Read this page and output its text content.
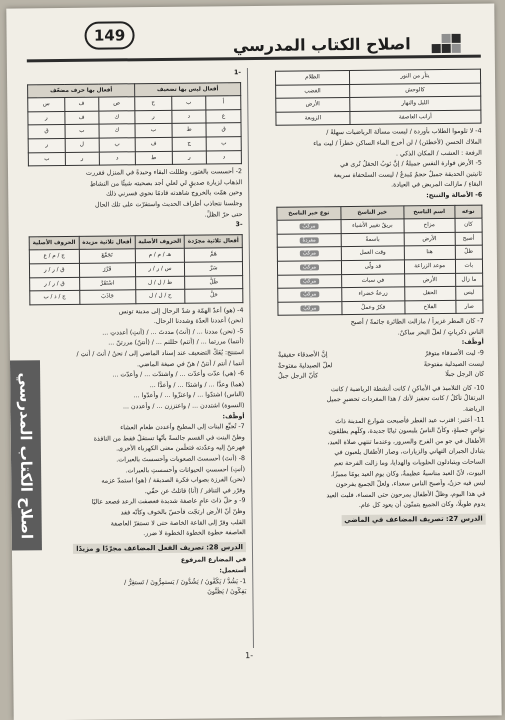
اصلاح الكتاب المدرسي
149
يثأر من النور	الظلام
كالوحش	الغضب
الليل والنهار	الأرض
أرانب العاصفة	الزوبعة
4- لا تلوموا الطلاب بأوردة / ليست مسألة الرياضيات سهلةً /
الملاك الحسن (لأخطئن) / لن أخرج الماء الساكن خطراً / ليت ماء
الرفعة : العشب / المكان الذكي .
5- الأرض فوارة النفس جميلةٌ / إنَّ ثوبُ الحقلُ تُرى في
ثانيتين الحديقة جميلٌ حجمٌ مُبدعٌ / ليست السلحفاة سريعة
البقاءِ / مازالت المريض في العيادة.
6- الأصالة والتنتج:
نوعه	اسم الناسخ	خبر الناسخ	نوع خبر الناسخ
كان	مزاح	بريقٌ تغيير الأشياء	مركبٌ
أصبح	الأرض	باسمةٌ	مفردةٌ
ظلّ	هنا	وقت العمل	مركبٌ
بات	موعد الزراعة	قد ولّى	مركبٌ
ما زال	الأرض	في سبات	مركبٌ
ليس	الحقل	زرعةٌ خضراء	مركبٌ
صار	الفلاح	فكرٌ وعملٌ	مركبٌ
7- كان المطر غزيراً / مازالت الطائرة جاثمةً / أصبح
الناس ذكرياتٍ / لعلّ البحر ساكنٌ.
أوظّف:
9- ليت الأصدقاء متوفرٌ
إنَّ الأصدقاء حقيقيةٌ
ليست الصيدلية مفتوحةً
لعلّ الصيدليةَ مفتوحةٌ
كان الرجل جبلًا
كأنّ الرجل جبلٌ
10- كان التلاميذ في الأماكنِ / كانت أنشطة الرياضية / كانت
البرتقالُ تأكلُ / كانت تحفيز لأنك / هذا المفردات تحضيرٍ جميل
الرياضة.
11- أعتبر: اقترب عيد الفطر فأصبحت شوارع المدينة ذاتَ
نواصٍ جميلةٍ، وكأنّ الناسُ يلبسون ثيابًا جديدة، وكلُّهم يطلقون
الأطفال في جو من الفرح والسرور، وعندما تنتهي صلاة العيد،
يتبادل الجيران التهاني والزيارات، وصار الأطفال يلعبون في
الساحات ويتبادلون الحلويات والهدايا، وما زالت الفرحة تعم
البيوت، لأنّ العيد مناسبةٌ عظيمةٌ، وكان يوم العيد يومًا مميزًا،
ليس فيه حزنٌ، وأصبح الناس سعداء، ولعلّ الجميع يفرحون
في هذا اليوم، وظلّ الأطفال يمرحون حتى المساء، فليت العيد
يدوم طويلًا، وكان الجميع يتمنّون أن يعود كل عام.
الدرس 27: تصريف المضاعف في الماضي
-1
أفعال ليس بها تضعيف			أفعال بها حرف مضعّف		
أ	ب	ح	ص	ف	س
ع	د	ر	ك	ف	ر
ق	ط	ب	ك	ب	ق
ب	ج	ف	ب	ل	ر
د	ر	ط	د	ر	ب
2- أحسست بالفتور، وظللت البقاء وحيدةً في المنزل فقررت
الذهاب لزيارة صديقٍ لي لعلي أجد بصحبته شيئًا من النشاطِ
وحين همّت بالخروج شاهدته قادمًا نحوي فسرني ذلك
وجلسنا نتجاذب أطراف الحديث واستقرّت على تلك الحال
حتى حرّ الظلِّ.
-3
أفعال ثلاثية مجرّدة	الحروف الأصلية	أفعال ثلاثية مزيدة	الحروف الأصلية
هَمَّ	هـ / م / م	تَجَمَّعَ	ج / م / ع
سَرَّ	س / ر / ر	قَرَّرَ	ق / ر / ر
ظَلَّ	ظ / ل / ل	اسْتَقَرَّ	ق / ر / ر
حَلَّ	ح / ل / ل	جَاذَبَ	ج / ذ / ب
4- (هو) أعدّ الهمّة و شدّ الرحال إلى مدينة تونس
(نحن) أعددنا العدّة وشددنا الرحال.
5- (نحن) مددنا ... / (أنتَ) مددتَ ... / (أنتِ) أعددتِ ...
(أنتما) مررتما ... / (أنتم) حللتم ... / (أنتنّ) مررتنّ ...
استنتج: يُفَكُّ التضعيف عند إسناد الماضي إلى / نحنُ / أنتَ / أنتِ /
أنتما / أنتم / أنتنّ / هنّ في صيغة الماضي.
6- (هي) عدّت وأعدّت ... / واشتدّت ... / وأعدّت ...
(هما) وعدَّا ... / واشتدّا ... / وأعدَّا ...
(الناس) اشتدّوا ... / واعتزّوا ... / وأعدّوا ...
(النسوة) اشتددن ... / واعتززن ... / وأعددن ...
أوظّف:
7- تُجبِّع البنات إلى المطبخ وأعددن طعام العشاء
وظنّ البنت في القسم جالسةً بأنّها تستقلّ فقط من النافذة
فهرعنّ إليه وعدّدته فتعلّمن معنى الكهرباء الأخرى.
8- (أنتَ) أحسستَ الصعوبات وأحسستَ بالعبرات.
(أنتِ) أحسستِ الحيوانات وأحسستِ بالعبرات.
(نحن) الفرزة بصواب فكرة الصديقة / (هو) استمدّ عزمه
وقرّر في التنافر / (أنا) قاتلتُ عن حقّي.
9- و حلّ ذاتَ عامٍ عاصفة شديدة فعصفت الرعد فصعد عاليًا
وظنّ أنّ الأرض ارتجّت فأحسّ بالخوف وكأنّه فقد
القلب وفرّ إلى القاعة الخاصة حتى لا تستقرّ العاصفة
العاصفة خطوة الخطوة الخطوة لا ضرر.
الدرس 28: تصريف الفعل المضاعف مجرّدًا و مزيدًا
في المضارع المرفوع
أستعمل:
1- يَشُدُّ / يَكُفُّونَ / يَشُدُّونَ / يَستمِرُّونَ / تَستقِرُّ /
يَفِكُّونَ / يَظُنُّونَ
اصلاح الكتاب المدرسي
1-
